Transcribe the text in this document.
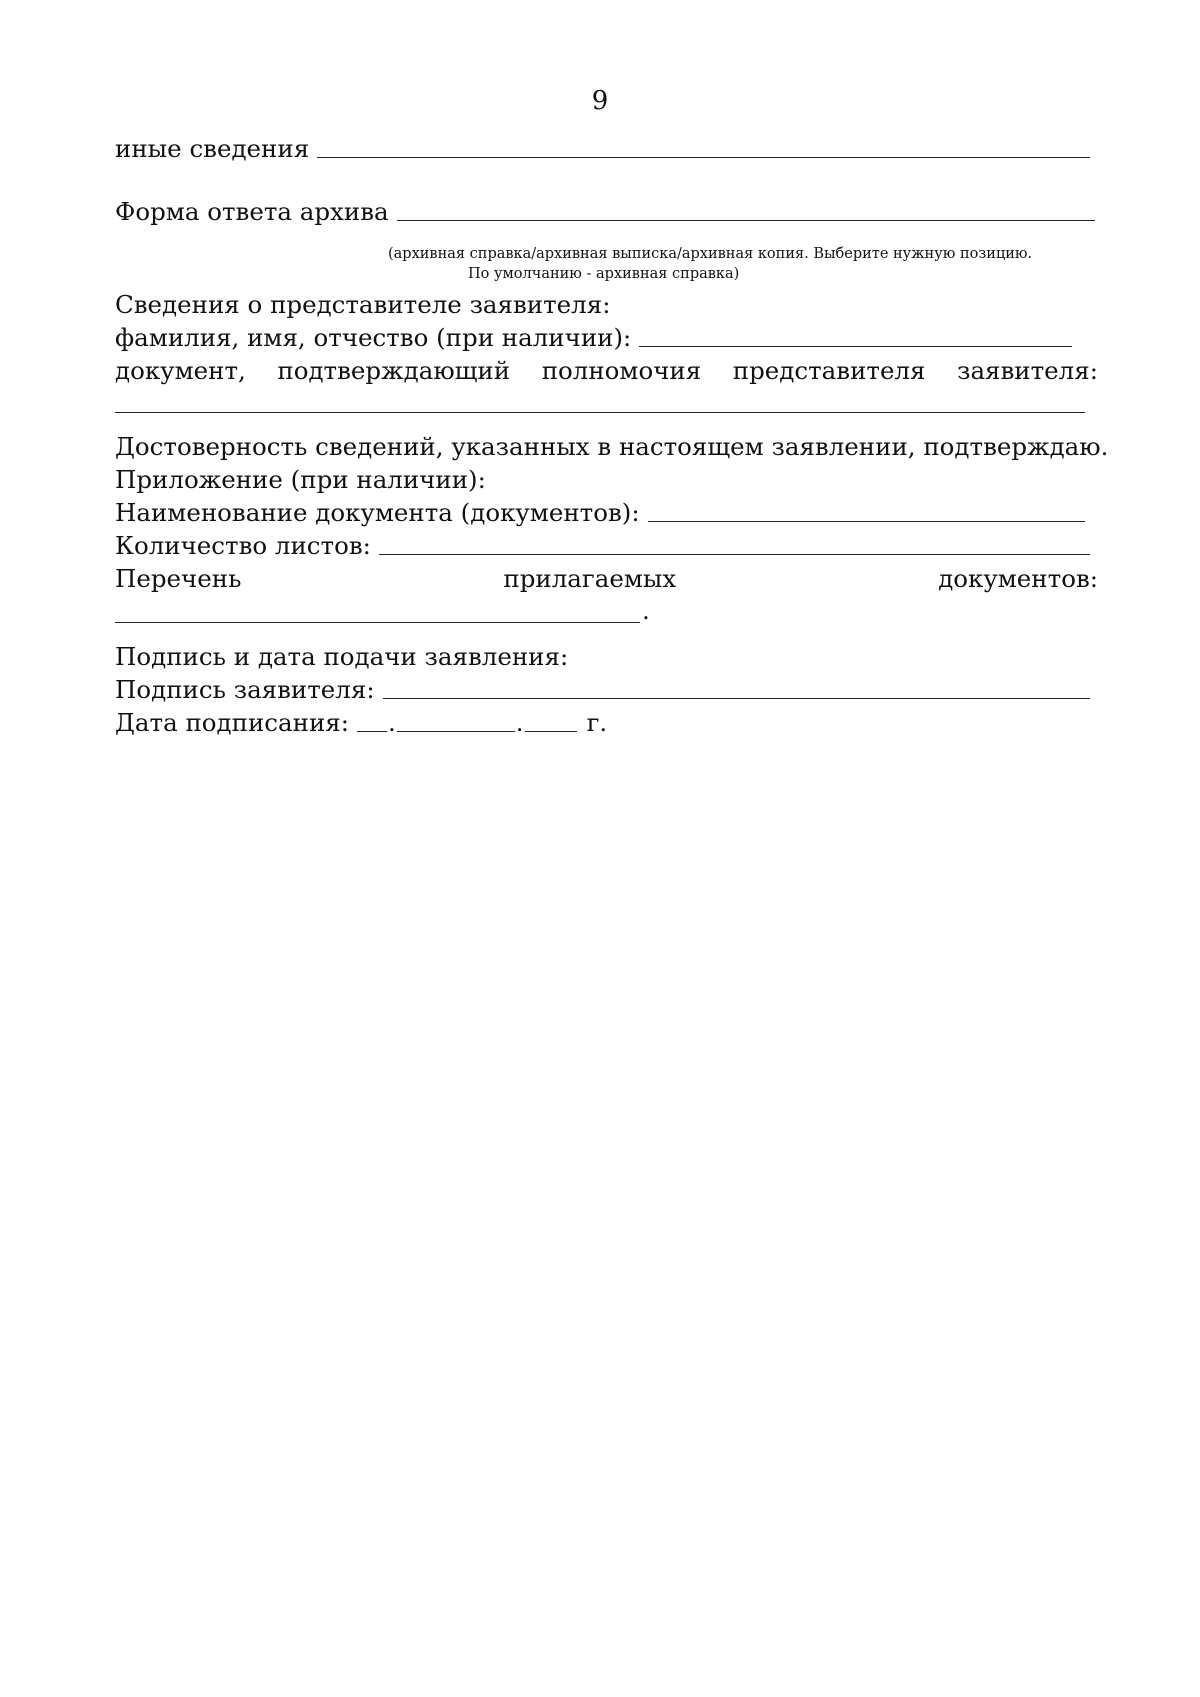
9
иные сведения
Форма ответа архива
(архивная справка/архивная выписка/архивная копия. Выберите нужную позицию.
По умолчанию - архивная справка)
Сведения о представителе заявителя:
фамилия, имя, отчество (при наличии):
документ, подтверждающий полномочия представителя заявителя:
Достоверность сведений, указанных в настоящем заявлении, подтверждаю.
Приложение (при наличии):
Наименование документа (документов):
Количество листов:
Перечень	прилагаемых	документов:
.
Подпись и дата подачи заявления:
Подпись заявителя:
Дата подписания: .	.	г.
